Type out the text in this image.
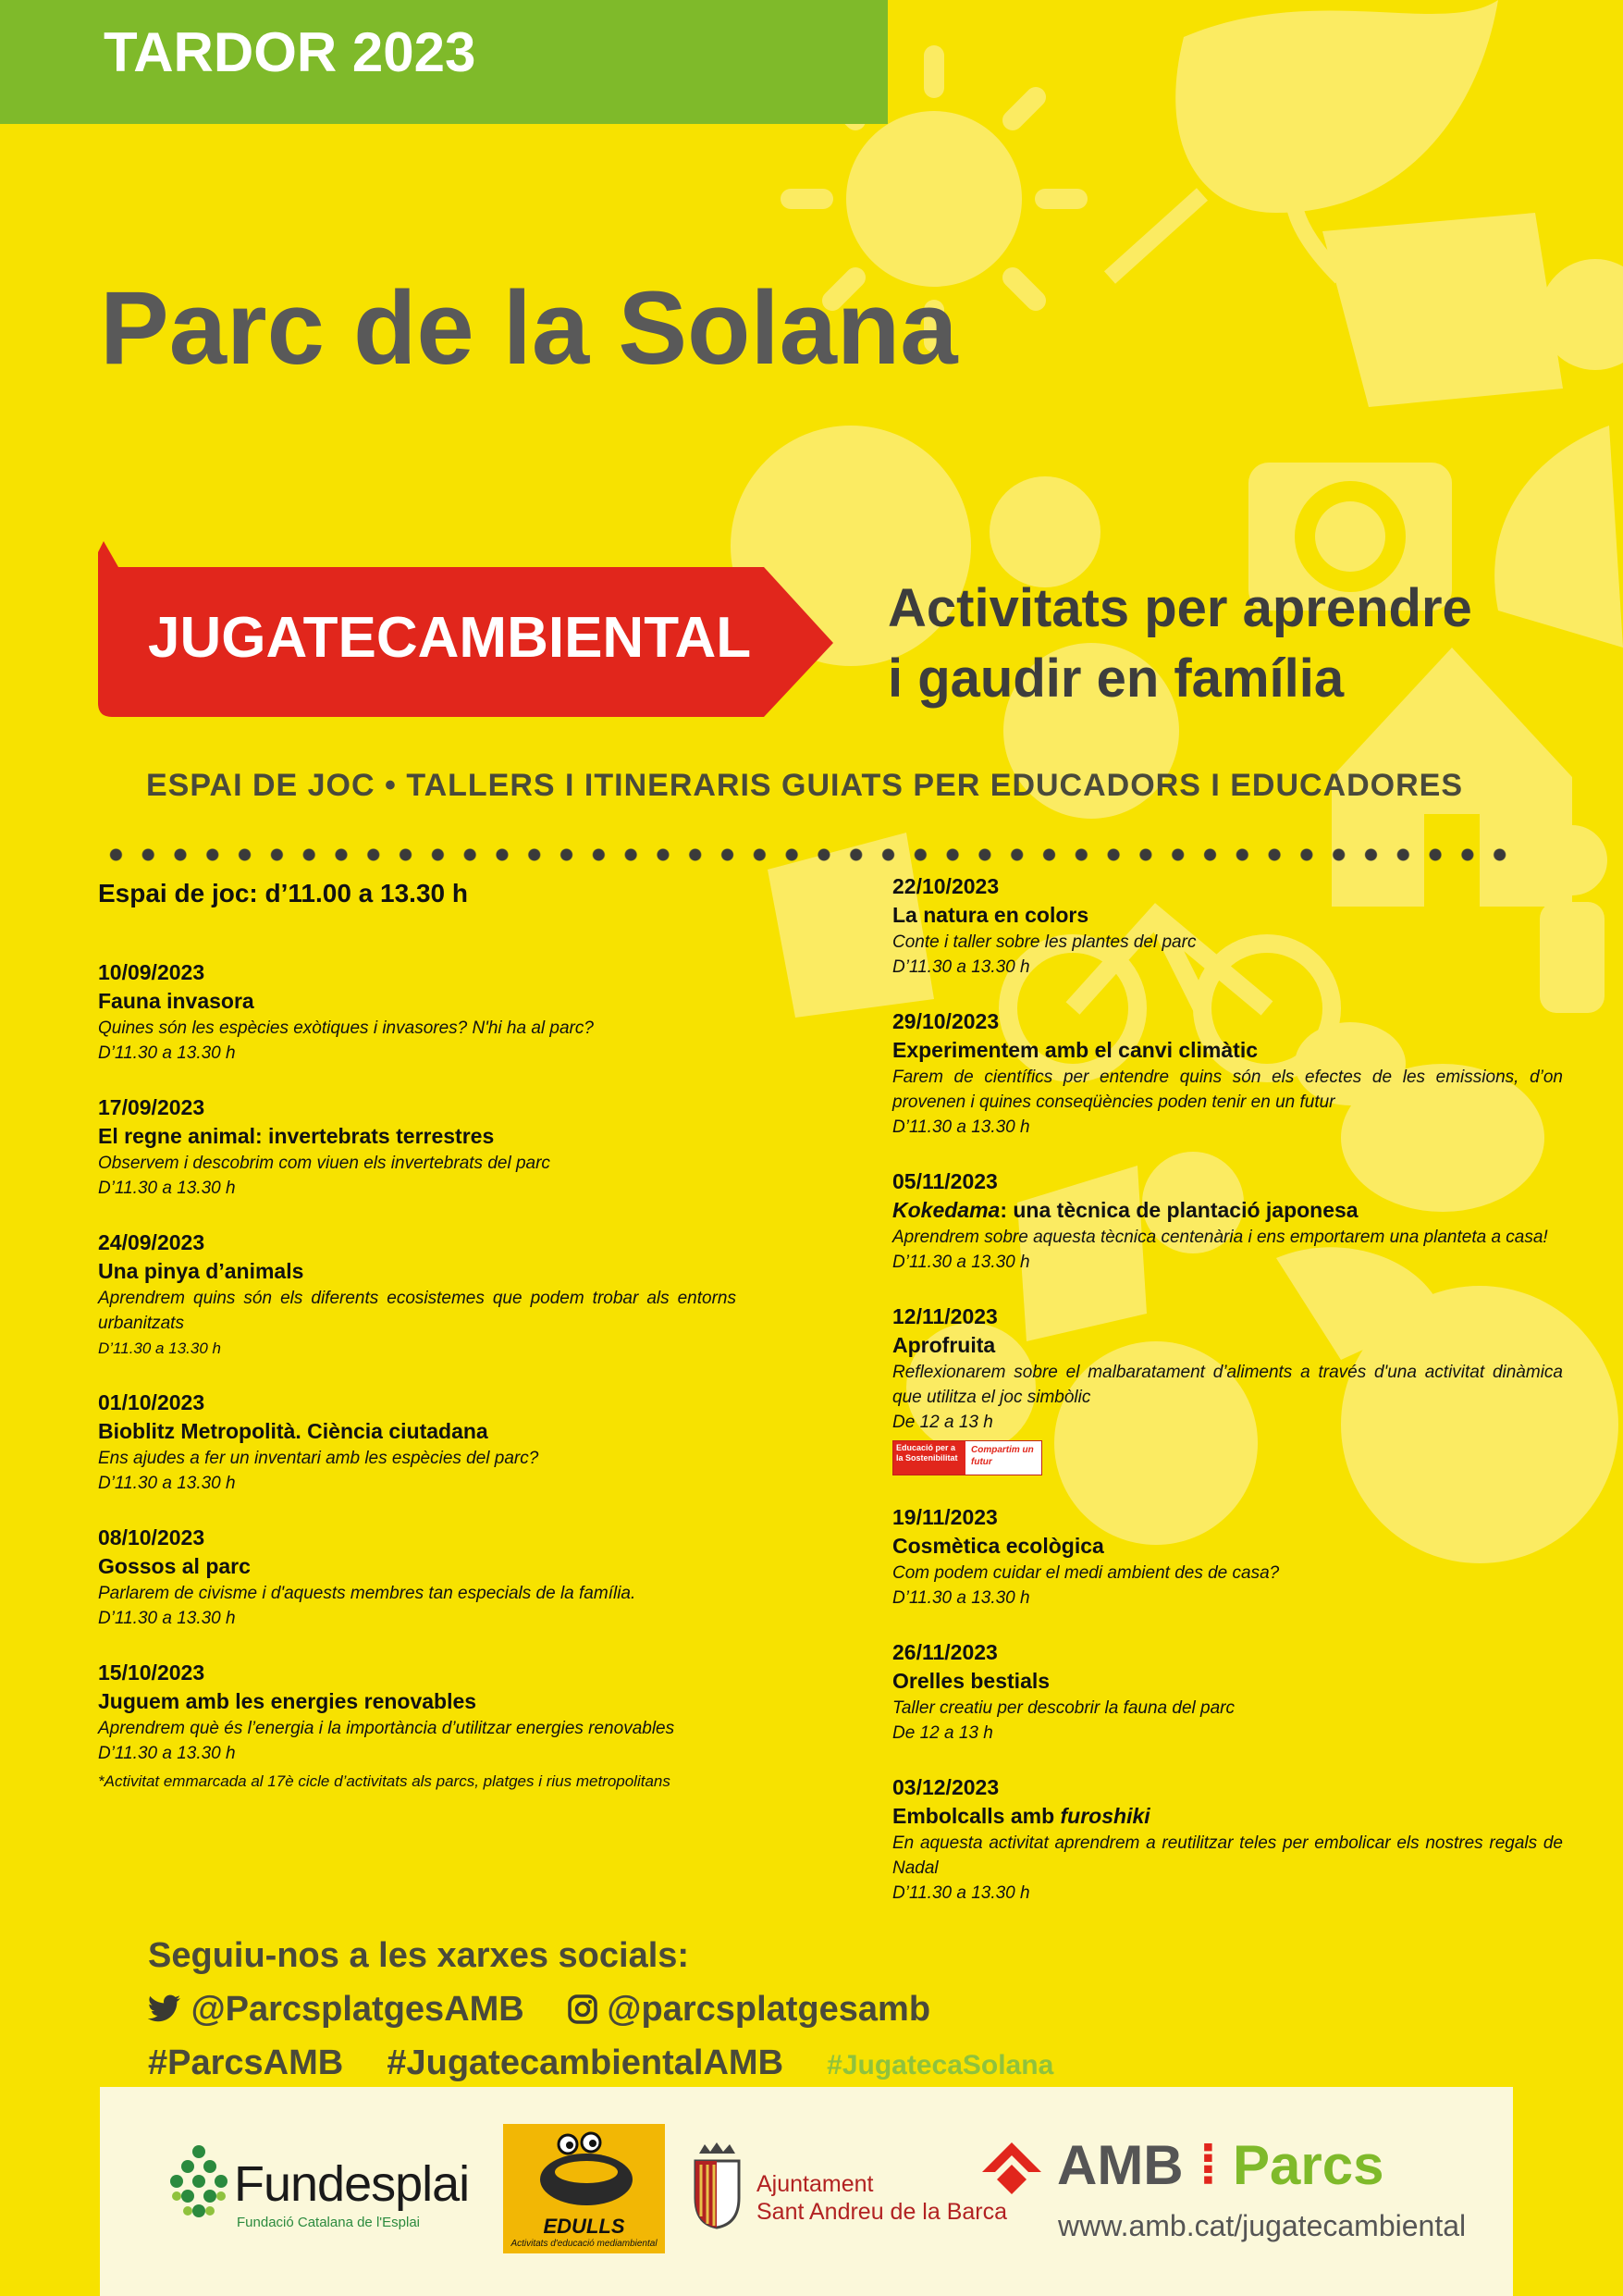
TARDOR 2023
Parc de la Solana
JUGATECAMBIENTAL	Activitats per aprendre
i gaudir en família
ESPAI DE JOC • TALLERS I ITINERARIS GUIATS PER EDUCADORS I EDUCADORES
Espai de joc: d’11.00 a 13.30 h
10/09/2023
Fauna invasora
Quines són les espècies exòtiques i invasores? N'hi ha al parc?
D’11.30 a 13.30 h
17/09/2023
El regne animal: invertebrats terrestres
Observem i descobrim com viuen els invertebrats del parc
D’11.30 a 13.30 h
24/09/2023
Una pinya d’animals
Aprendrem quins són els diferents ecosistemes que podem trobar als entorns urbanitzats
D’11.30 a 13.30 h
01/10/2023
Bioblitz Metropolità. Ciència ciutadana
Ens ajudes a fer un inventari amb les espècies del parc?
D’11.30 a 13.30 h
08/10/2023
Gossos al parc
Parlarem de civisme i d'aquests membres tan especials de la família.
D’11.30 a 13.30 h
15/10/2023
Juguem amb les energies renovables
Aprendrem què és l’energia i la importància d’utilitzar energies renovables
D’11.30 a 13.30 h
*Activitat emmarcada al 17è cicle d’activitats als parcs, platges i rius metropolitans
22/10/2023
La natura en colors
Conte i taller sobre les plantes del parc
D’11.30 a 13.30 h
29/10/2023
Experimentem amb el canvi climàtic
Farem de científics per entendre quins són els efectes de les emissions, d’on provenen i quines conseqüències poden tenir en un futur
D’11.30 a 13.30 h
05/11/2023
Kokedama: una tècnica de plantació japonesa
Aprendrem sobre aquesta tècnica centenària i ens emportarem una planteta a casa!
D’11.30 a 13.30 h
12/11/2023
Aprofruita
Reflexionarem sobre el malbaratament d’aliments a través d'una activitat dinàmica que utilitza el joc simbòlic
De 12 a 13 h
Educació per a la Sostenibilitat
Compartim un futur
19/11/2023
Cosmètica ecològica
Com podem cuidar el medi ambient des de casa?
D’11.30 a 13.30 h
26/11/2023
Orelles bestials
Taller creatiu per descobrir la fauna del parc
De 12 a 13 h
03/12/2023
Embolcalls amb furoshiki
En aquesta activitat aprendrem a reutilitzar teles per embolicar els nostres regals de Nadal
D’11.30 a 13.30 h
Seguiu-nos a les xarxes socials:
@ParcsplatgesAMB @parcsplatgesamb
#ParcsAMB #JugatecambientalAMB #JugatecaSolana
Fundesplai
Fundació Catalana de l'Esplai	EDULLS
Activitats d'educació mediambiental
Ajuntament
Sant Andreu de la Barca
AMB ⁞ Parcs
www.amb.cat/jugatecambiental
